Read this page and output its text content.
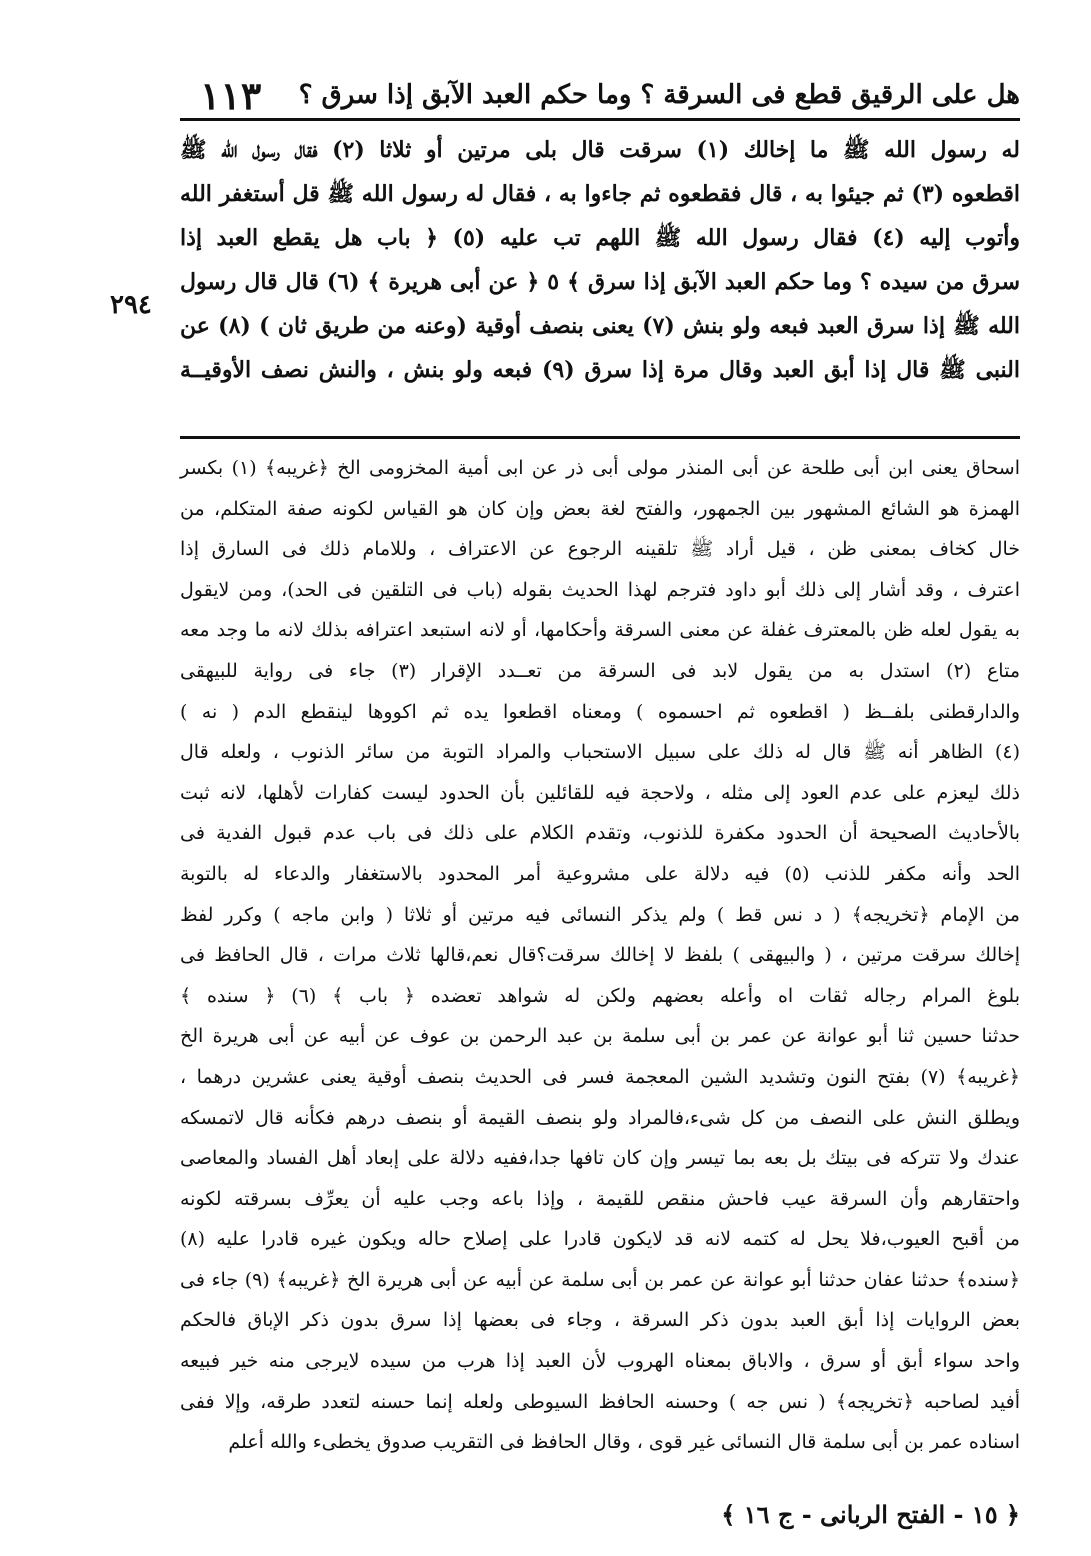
هل على الرقيق قطع فى السرقة ؟ وما حكم العبد الآبق إذا سرق ؟
١١٣
٢٩٤

له رسول الله ﷺ ما إخالك (١) سرقت قال بلى مرتين أو ثلاثا (٢) فقال رسول الله ﷺ

اقطعوه (٣) ثم جيئوا به ، قال فقطعوه ثم جاءوا به ، فقال له رسول الله ﷺ قل أستغفر الله

وأتوب إليه (٤) فقال رسول الله ﷺ اللهم تب عليه (٥) ﴿ باب هل يقطع العبد إذا

سرق من سيده ؟ وما حكم العبد الآبق إذا سرق ﴾ ٥ ﴿ عن أبى هريرة ﴾ (٦) قال قال رسول

الله ﷺ إذا سرق العبد فبعه ولو بنش (٧) يعنى بنصف أوقية (وعنه من طريق ثان ) (٨) عن

النبى ﷺ قال إذا أبق العبد وقال مرة إذا سرق (٩) فبعه ولو بنش ، والنش نصف الأوقيــة

اسحاق يعنى ابن أبى طلحة عن أبى المنذر مولى أبى ذر عن ابى أمية المخزومى الخ ﴿غريبه﴾ (١) بكسر

الهمزة هو الشائع المشهور بين الجمهور، والفتح لغة بعض وإن كان هو القياس لكونه صفة المتكلم، من

خال كخاف بمعنى ظن ، قيل أراد ﷺ تلقينه الرجوع عن الاعتراف ، وللامام ذلك فى السارق إذا

اعترف ، وقد أشار إلى ذلك أبو داود فترجم لهذا الحديث بقوله (باب فى التلقين فى الحد)، ومن لايقول

به يقول لعله ظن بالمعترف غفلة عن معنى السرقة وأحكامها، أو لانه استبعد اعترافه بذلك لانه ما وجد معه

متاع (٢) استدل به من يقول لابد فى السرقة من تعــدد الإقرار (٣) جاء فى رواية للبيهقى

والدارقطنى بلفــظ ( اقطعوه ثم احسموه ) ومعناه اقطعوا يده ثم اكووها لينقطع الدم ( نه )

(٤) الظاهر أنه ﷺ قال له ذلك على سبيل الاستحباب والمراد التوبة من سائر الذنوب ، ولعله قال

ذلك ليعزم على عدم العود إلى مثله ، ولاحجة فيه للقائلين بأن الحدود ليست كفارات لأهلها، لانه ثبت

بالأحاديث الصحيحة أن الحدود مكفرة للذنوب، وتقدم الكلام على ذلك فى باب عدم قبول الفدية فى

الحد وأنه مكفر للذنب (٥) فيه دلالة على مشروعية أمر المحدود بالاستغفار والدعاء له بالتوبة

من الإمام ﴿تخريجه﴾ ( د نس قط ) ولم يذكر النسائى فيه مرتين أو ثلاثا ( وابن ماجه ) وكرر لفظ

إخالك سرقت مرتين ، ( والبيهقى ) بلفظ لا إخالك سرقت؟قال نعم،قالها ثلاث مرات ، قال الحافظ فى

بلوغ المرام رجاله ثقات اه وأعله بعضهم ولكن له شواهد تعضده ﴿ باب ﴾ (٦) ﴿ سنده ﴾

حدثنا حسين ثنا أبو عوانة عن عمر بن أبى سلمة بن عبد الرحمن بن عوف عن أبيه عن أبى هريرة الخ

﴿غريبه﴾ (٧) بفتح النون وتشديد الشين المعجمة فسر فى الحديث بنصف أوقية يعنى عشرين درهما ،

ويطلق النش على النصف من كل شىء،فالمراد ولو بنصف القيمة أو بنصف درهم فكأنه قال لاتمسكه

عندك ولا تتركه فى بيتك بل بعه بما تيسر وإن كان تافها جدا،ففيه دلالة على إبعاد أهل الفساد والمعاصى

واحتقارهم وأن السرقة عيب فاحش منقص للقيمة ، وإذا باعه وجب عليه أن يعرِّف بسرقته لكونه

من أقبح العيوب،فلا يحل له كتمه لانه قد لايكون قادرا على إصلاح حاله ويكون غيره قادرا عليه (٨)

﴿سنده﴾ حدثنا عفان حدثنا أبو عوانة عن عمر بن أبى سلمة عن أبيه عن أبى هريرة الخ ﴿غريبه﴾ (٩) جاء فى

بعض الروايات إذا أبق العبد بدون ذكر السرقة ، وجاء فى بعضها إذا سرق بدون ذكر الإباق فالحكم

واحد سواء أبق أو سرق ، والاباق بمعناه الهروب لأن العبد إذا هرب من سيده لايرجى منه خير فبيعه

أفيد لصاحبه ﴿تخريجه﴾ ( نس جه ) وحسنه الحافظ السيوطى ولعله إنما حسنه لتعدد طرقه، وإلا ففى

اسناده عمر بن أبى سلمة قال النسائى غير قوى ، وقال الحافظ فى التقريب صدوق يخطىء والله أعلم

﴿ ١٥ - الفتح الربانى - ج ١٦ ﴾
